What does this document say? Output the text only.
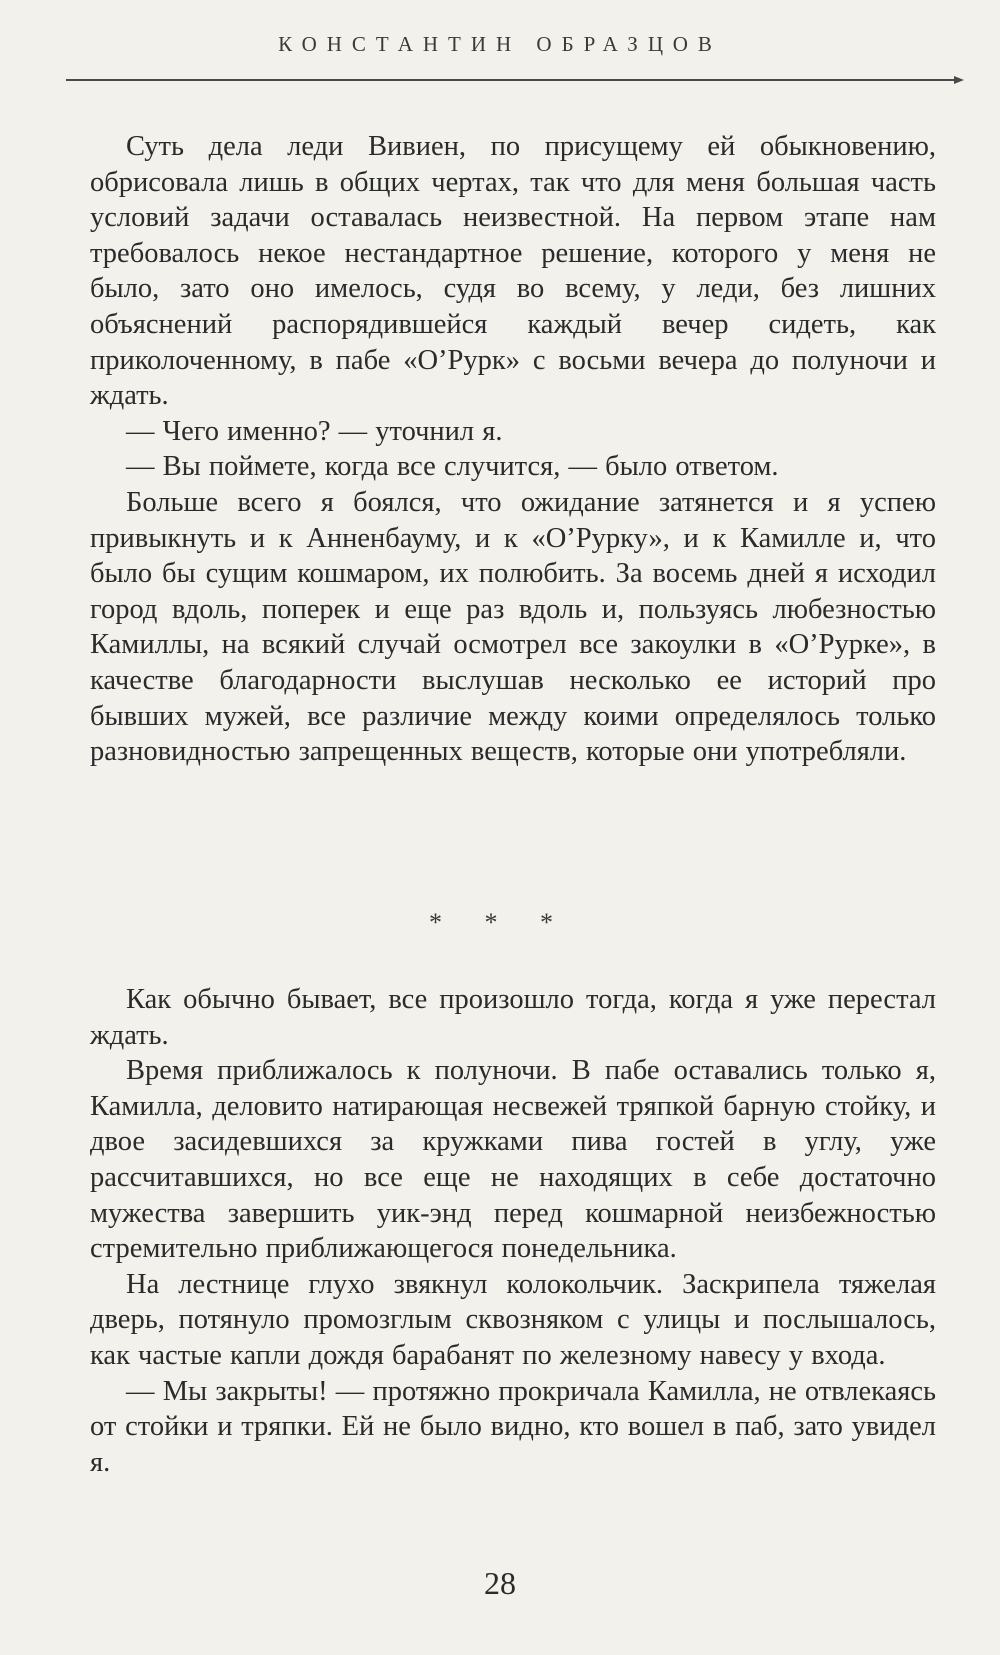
КОНСТАНТИН ОБРАЗЦОВ

Суть дела леди Вивиен, по присущему ей обыкновению, обрисовала лишь в общих чертах, так что для меня большая часть условий задачи оставалась неизвестной. На первом этапе нам требовалось некое нестандартное решение, которого у меня не было, зато оно имелось, судя во всему, у леди, без лишних объяснений распорядившейся каждый вечер сидеть, как приколоченному, в пабе «О’Рурк» с восьми вечера до полуночи и ждать.

— Чего именно? — уточнил я.

— Вы поймете, когда все случится, — было ответом.

Больше всего я боялся, что ожидание затянется и я успею привыкнуть и к Анненбауму, и к «О’Рурку», и к Камилле и, что было бы сущим кошмаром, их полюбить. За восемь дней я исходил город вдоль, поперек и еще раз вдоль и, пользуясь любезностью Камиллы, на всякий случай осмотрел все закоулки в «О’Рурке», в качестве благодарности выслушав несколько ее историй про бывших мужей, все различие между коими определялось только разновидностью запрещенных веществ, которые они употребляли.

* * *

Как обычно бывает, все произошло тогда, когда я уже перестал ждать.

Время приближалось к полуночи. В пабе оставались только я, Камилла, деловито натирающая несвежей тряпкой барную стойку, и двое засидевшихся за кружками пива гостей в углу, уже рассчитавшихся, но все еще не находящих в себе достаточно мужества завершить уик-энд перед кошмарной неизбежностью стремительно приближающегося понедельника.

На лестнице глухо звякнул колокольчик. Заскрипела тяжелая дверь, потянуло промозглым сквозняком с улицы и послышалось, как частые капли дождя барабанят по железному навесу у входа.

— Мы закрыты! — протяжно прокричала Камилла, не отвлекаясь от стойки и тряпки. Ей не было видно, кто вошел в паб, зато увидел я.

28
